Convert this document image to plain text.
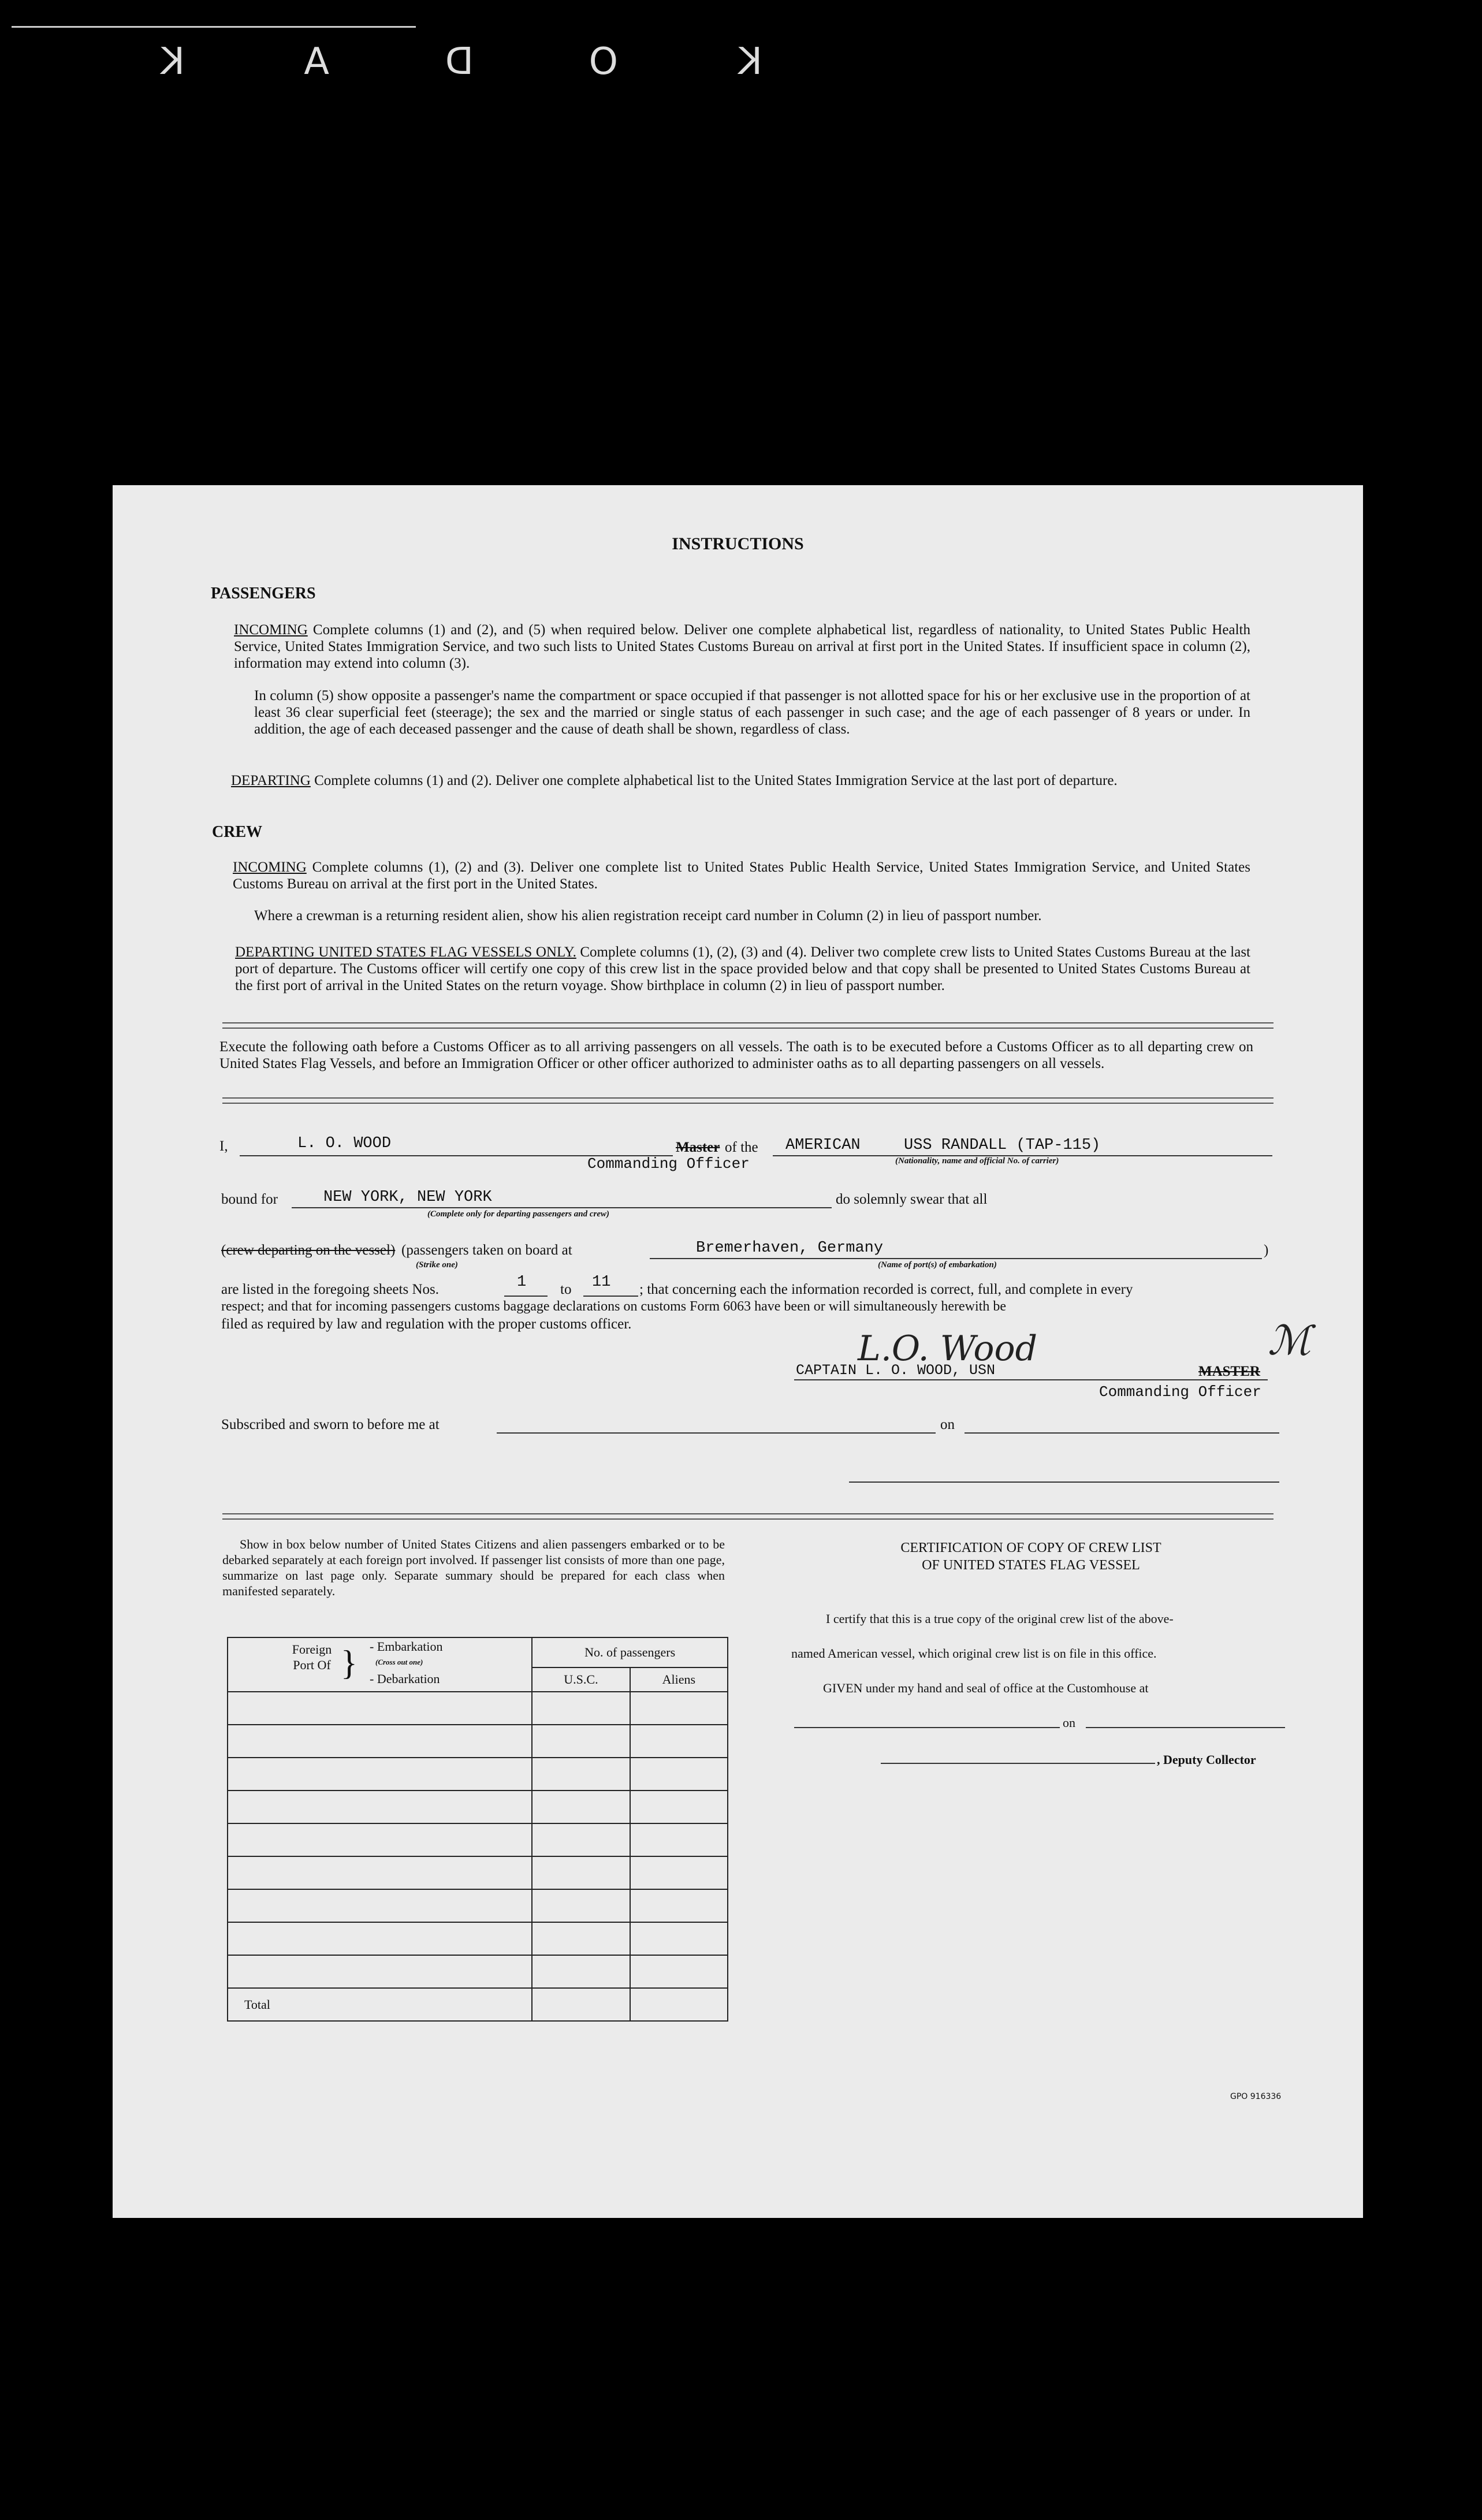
K	A	D	O	K
INSTRUCTIONS
PASSENGERS
INCOMING Complete columns (1) and (2), and (5) when required below. Deliver one complete alphabetical list, regardless of nationality, to United States Public Health Service, United States Immigration Service, and two such lists to United States Customs Bureau on arrival at first port in the United States. If insufficient space in column (2), information may extend into column (3).
In column (5) show opposite a passenger's name the compartment or space occupied if that passenger is not allotted space for his or her exclusive use in the proportion of at least 36 clear superficial feet (steerage); the sex and the married or single status of each passenger in such case; and the age of each passenger of 8 years or under. In addition, the age of each deceased passenger and the cause of death shall be shown, regardless of class.
DEPARTING Complete columns (1) and (2). Deliver one complete alphabetical list to the United States Immigration Service at the last port of departure.
CREW
INCOMING Complete columns (1), (2) and (3). Deliver one complete list to United States Public Health Service, United States Immigration Service, and United States Customs Bureau on arrival at the first port in the United States.
Where a crewman is a returning resident alien, show his alien registration receipt card number in Column (2) in lieu of passport number.
DEPARTING UNITED STATES FLAG VESSELS ONLY. Complete columns (1), (2), (3) and (4). Deliver two complete crew lists to United States Customs Bureau at the last port of departure. The Customs officer will certify one copy of this crew list in the space provided below and that copy shall be presented to United States Customs Bureau at the first port of arrival in the United States on the return voyage. Show birthplace in column (2) in lieu of passport number.
Execute the following oath before a Customs Officer as to all arriving passengers on all vessels. The oath is to be executed before a Customs Officer as to all departing crew on United States Flag Vessels, and before an Immigration Officer or other officer authorized to administer oaths as to all departing passengers on all vessels.
I,	L. O. WOOD	Master of the
Commanding Officer
AMERICAN	USS RANDALL (TAP-115)
(Nationality, name and official No. of carrier)
bound for	NEW YORK, NEW YORK
(Complete only for departing passengers and crew)
do solemnly swear that all
(crew departing on the vessel) (passengers taken on board at	Bremerhaven, Germany	)
(Strike one)	(Name of port(s) of embarkation)
are listed in the foregoing sheets Nos.	1 to 11 ; that concerning each the information recorded is correct, full, and complete in every
respect; and that for incoming passengers customs baggage declarations on customs Form 6063 have been or will simultaneously herewith be
filed as required by law and regulation with the proper customs officer.
L.O. Wood
CAPTAIN L. O. WOOD, USN	MASTER
Commanding Officer
ℳ
Subscribed and sworn to before me at	on
Show in box below number of United States Citizens and alien passengers embarked or to be debarked separately at each foreign port involved. If passenger list consists of more than one page, summarize on last page only. Separate summary should be prepared for each class when manifested separately.
Foreign Port Of } - Embarkation
(Cross out one)
- Debarkation	No. of passengers	
	U.S.C.	Aliens

Total		
CERTIFICATION OF COPY OF CREW LIST
OF UNITED STATES FLAG VESSEL
I certify that this is a true copy of the original crew list of the above-
named American vessel, which original crew list is on file in this office.
GIVEN under my hand and seal of office at the Customhouse at
on
, Deputy Collector
GPO 916336
